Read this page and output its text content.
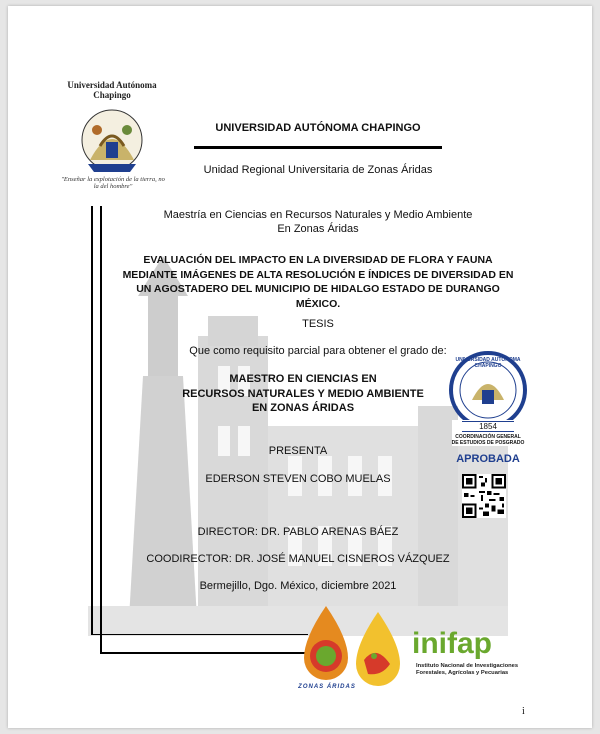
Universidad Autónoma Chapingo
"Enseñar la explotación de la tierra, no la del hombre"
UNIVERSIDAD AUTÓNOMA CHAPINGO
Unidad Regional Universitaria de Zonas Áridas
Maestría en Ciencias en Recursos Naturales y Medio Ambiente
En Zonas Áridas
EVALUACIÓN DEL IMPACTO EN LA DIVERSIDAD DE FLORA Y FAUNA
MEDIANTE IMÁGENES DE ALTA RESOLUCIÓN E ÍNDICES DE DIVERSIDAD EN
UN AGOSTADERO DEL MUNICIPIO DE HIDALGO ESTADO DE DURANGO
MÉXICO.
TESIS
Que como requisito parcial para obtener el grado de:
MAESTRO EN CIENCIAS EN
RECURSOS NATURALES Y MEDIO AMBIENTE
EN ZONAS ÁRIDAS
UNIVERSIDAD AUTÓNOMA CHAPINGO
1854
COORDINACIÓN GENERAL
DE ESTUDIOS DE POSGRADO
APROBADA
PRESENTA
EDERSON STEVEN COBO MUELAS
DIRECTOR: DR. PABLO ARENAS BÁEZ
COODIRECTOR: DR. JOSÉ MANUEL CISNEROS VÁZQUEZ
Bermejillo, Dgo. México, diciembre 2021
ZONAS ÁRIDAS
inifap
Instituto Nacional de Investigaciones
Forestales, Agrícolas y Pecuarias
i
